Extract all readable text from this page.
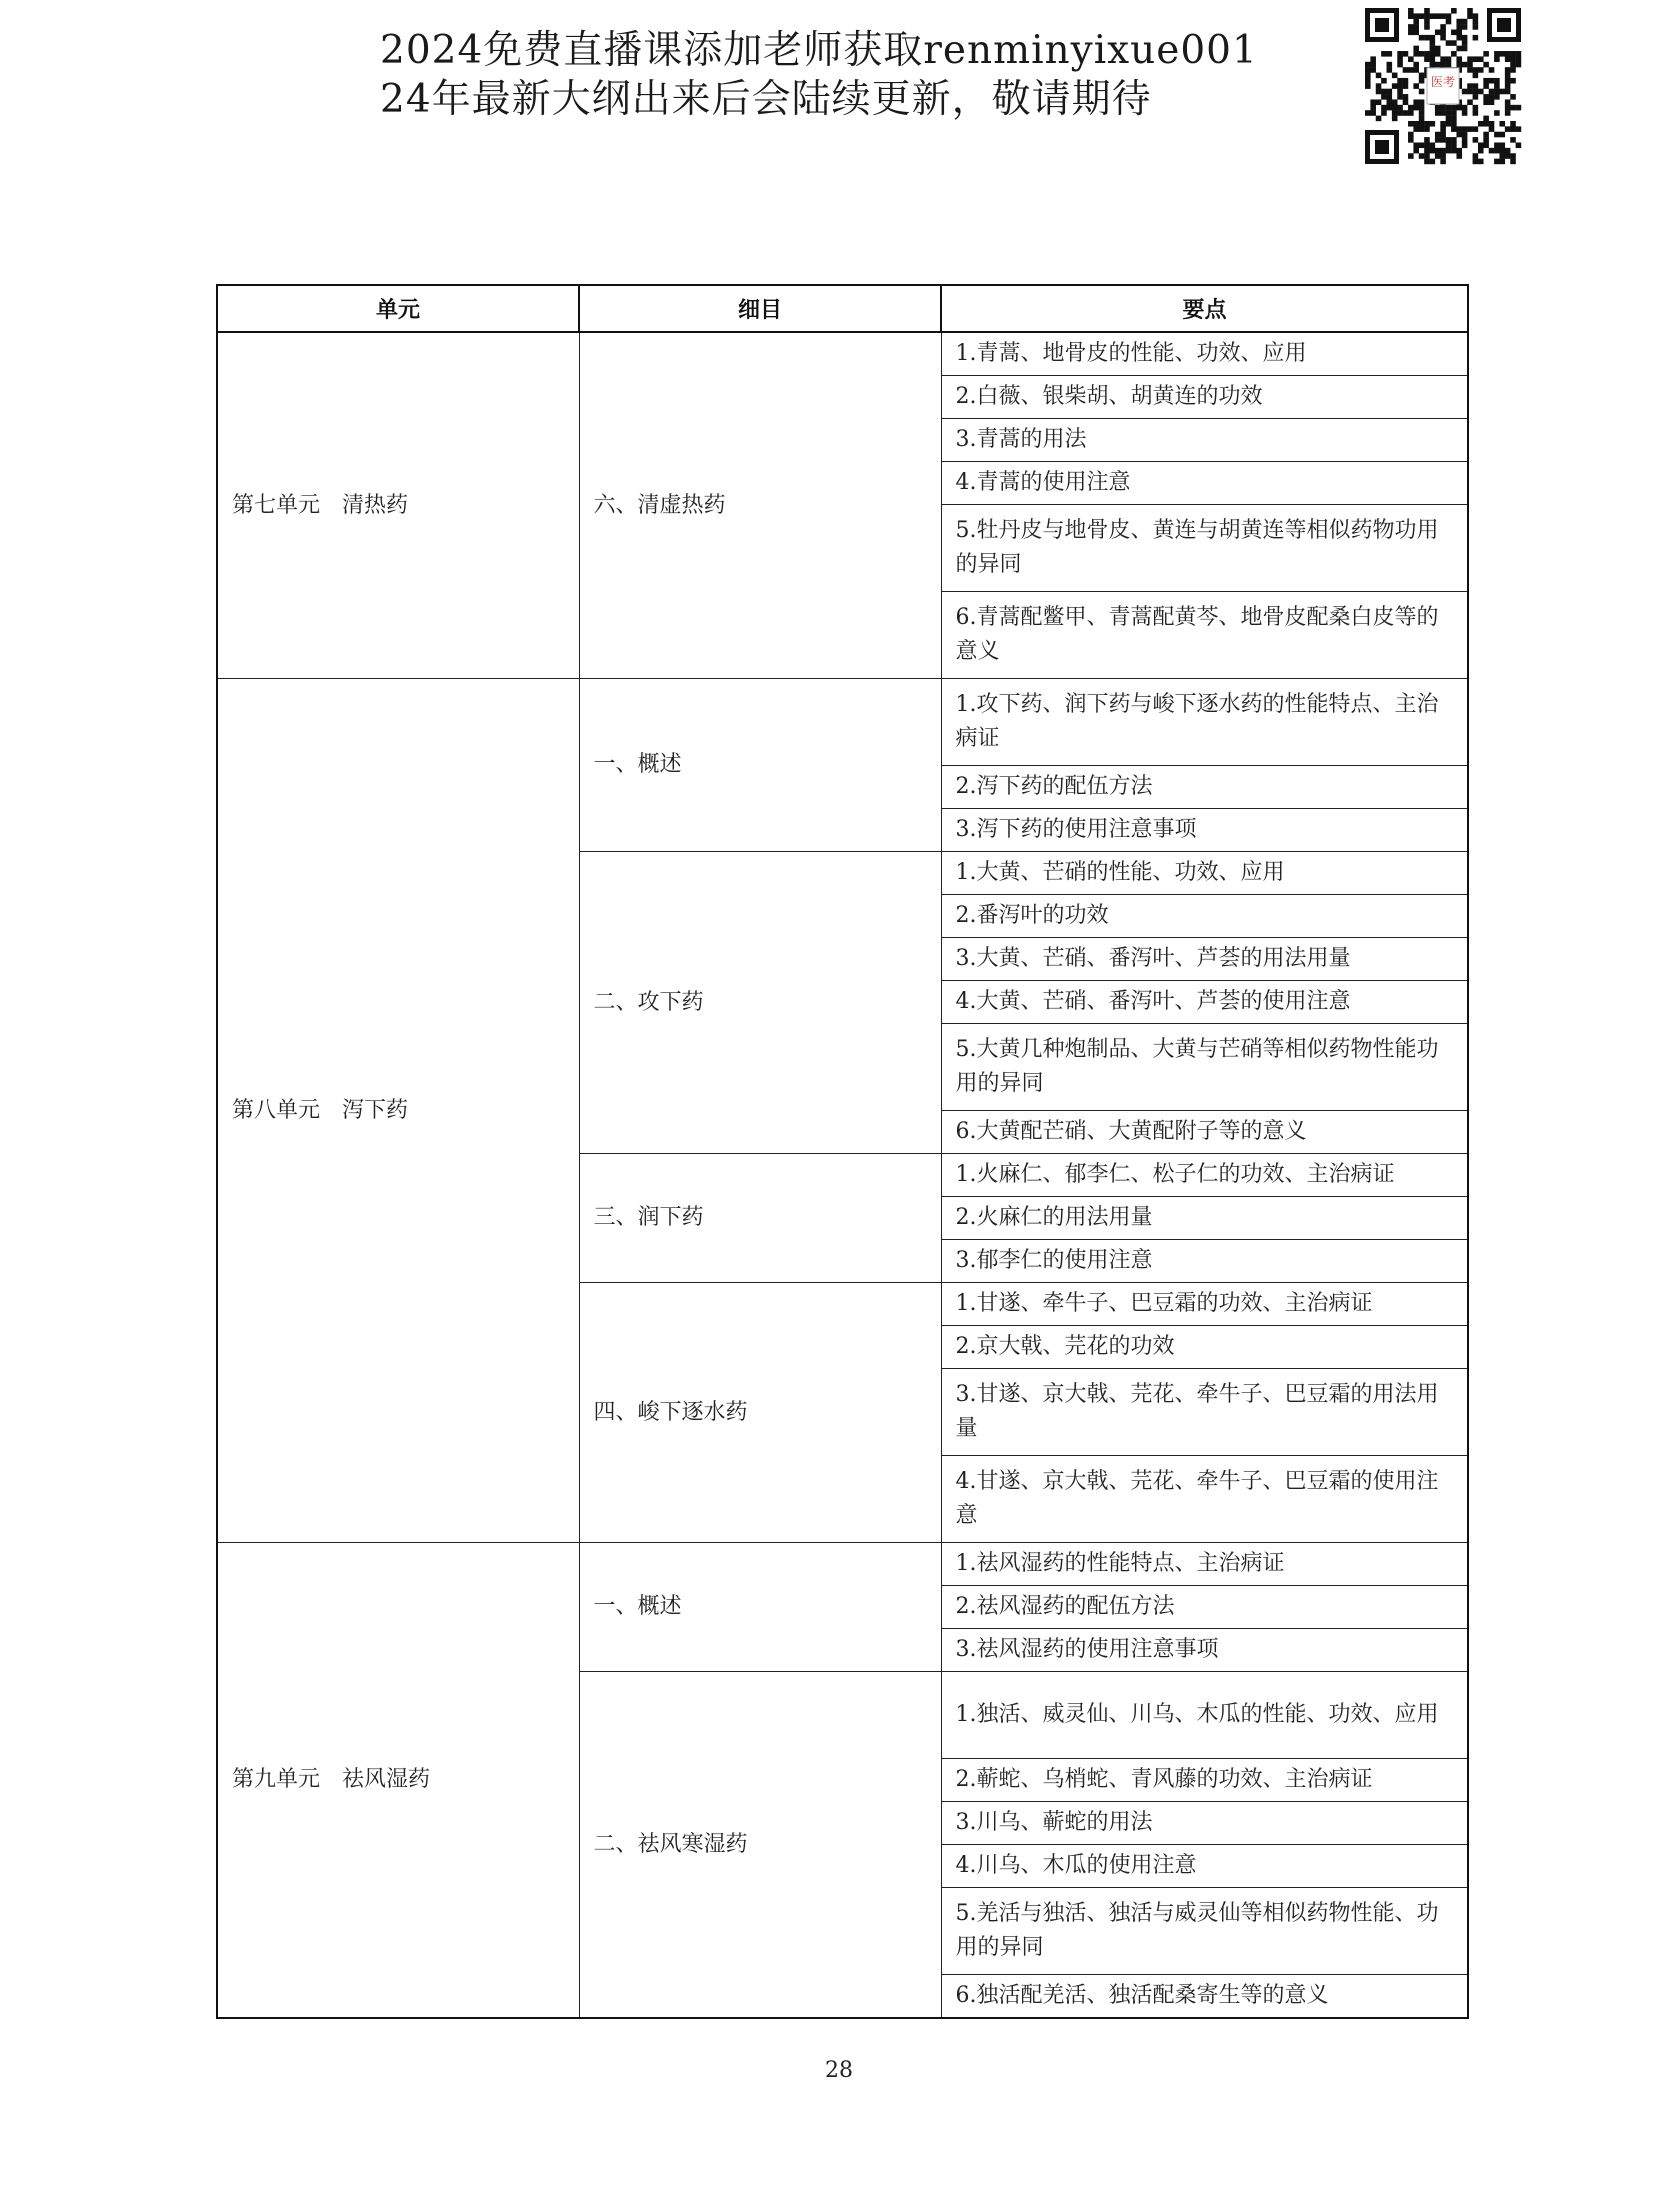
2024免费直播课添加老师获取renminyixue001
24年最新大纲出来后会陆续更新，敬请期待	医考
单元	细目	要点
第七单元　清热药	六、清虚热药	1.青蒿、地骨皮的性能、功效、应用
		2.白薇、银柴胡、胡黄连的功效
		3.青蒿的用法
		4.青蒿的使用注意
		5.牡丹皮与地骨皮、黄连与胡黄连等相似药物功用的异同
		6.青蒿配鳖甲、青蒿配黄芩、地骨皮配桑白皮等的意义
第八单元　泻下药	一、概述	1.攻下药、润下药与峻下逐水药的性能特点、主治病证
		2.泻下药的配伍方法
		3.泻下药的使用注意事项
	二、攻下药	1.大黄、芒硝的性能、功效、应用
		2.番泻叶的功效
		3.大黄、芒硝、番泻叶、芦荟的用法用量
		4.大黄、芒硝、番泻叶、芦荟的使用注意
		5.大黄几种炮制品、大黄与芒硝等相似药物性能功用的异同
		6.大黄配芒硝、大黄配附子等的意义
	三、润下药	1.火麻仁、郁李仁、松子仁的功效、主治病证
		2.火麻仁的用法用量
		3.郁李仁的使用注意
	四、峻下逐水药	1.甘遂、牵牛子、巴豆霜的功效、主治病证
		2.京大戟、芫花的功效
		3.甘遂、京大戟、芫花、牵牛子、巴豆霜的用法用量
		4.甘遂、京大戟、芫花、牵牛子、巴豆霜的使用注意
第九单元　祛风湿药	一、概述	1.祛风湿药的性能特点、主治病证
		2.祛风湿药的配伍方法
		3.祛风湿药的使用注意事项
	二、祛风寒湿药	1.独活、威灵仙、川乌、木瓜的性能、功效、应用
		2.蕲蛇、乌梢蛇、青风藤的功效、主治病证
		3.川乌、蕲蛇的用法
		4.川乌、木瓜的使用注意
		5.羌活与独活、独活与威灵仙等相似药物性能、功用的异同
		6.独活配羌活、独活配桑寄生等的意义
28
